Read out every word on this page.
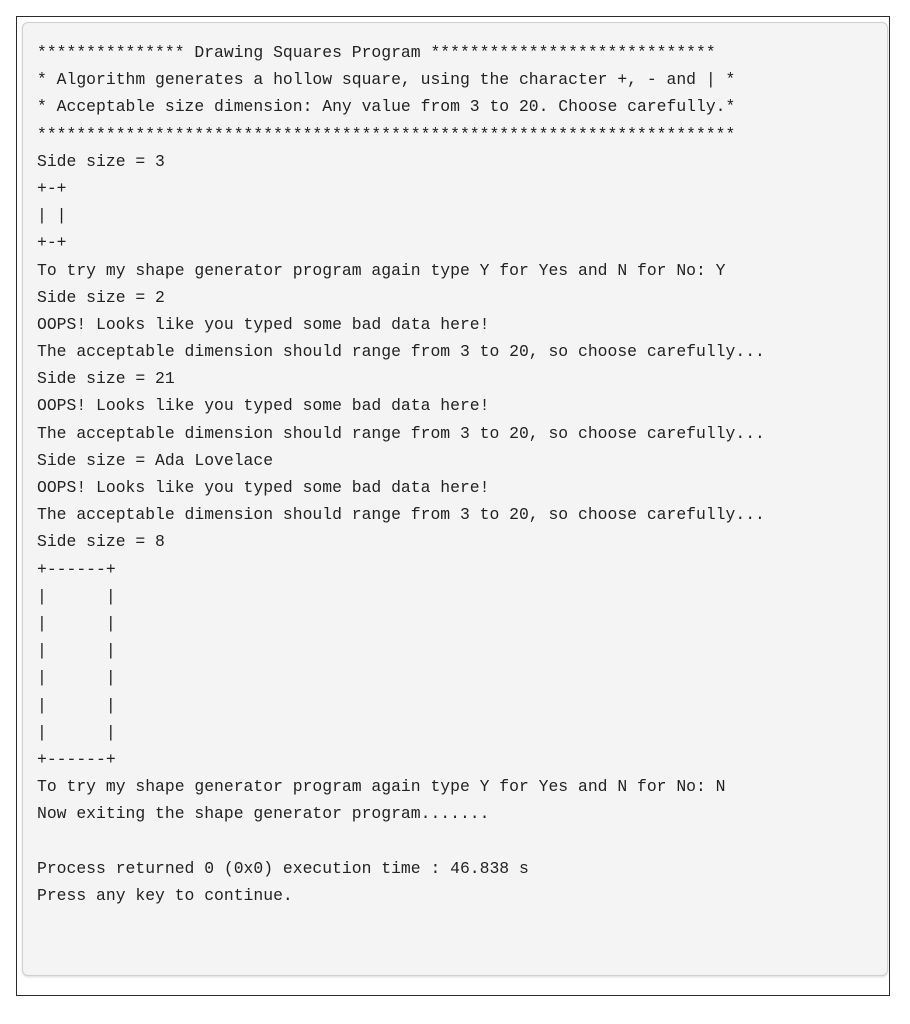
*************** Drawing Squares Program *****************************
* Algorithm generates a hollow square, using the character +, - and | *
* Acceptable size dimension: Any value from 3 to 20. Choose carefully.*
***********************************************************************
Side size = 3
+-+
| |
+-+
To try my shape generator program again type Y for Yes and N for No: Y
Side size = 2
OOPS! Looks like you typed some bad data here!
The acceptable dimension should range from 3 to 20, so choose carefully...
Side size = 21
OOPS! Looks like you typed some bad data here!
The acceptable dimension should range from 3 to 20, so choose carefully...
Side size = Ada Lovelace
OOPS! Looks like you typed some bad data here!
The acceptable dimension should range from 3 to 20, so choose carefully...
Side size = 8
+------+
|      |
|      |
|      |
|      |
|      |
|      |
+------+
To try my shape generator program again type Y for Yes and N for No: N
Now exiting the shape generator program.......
Process returned 0 (0x0) execution time : 46.838 s
Press any key to continue.
